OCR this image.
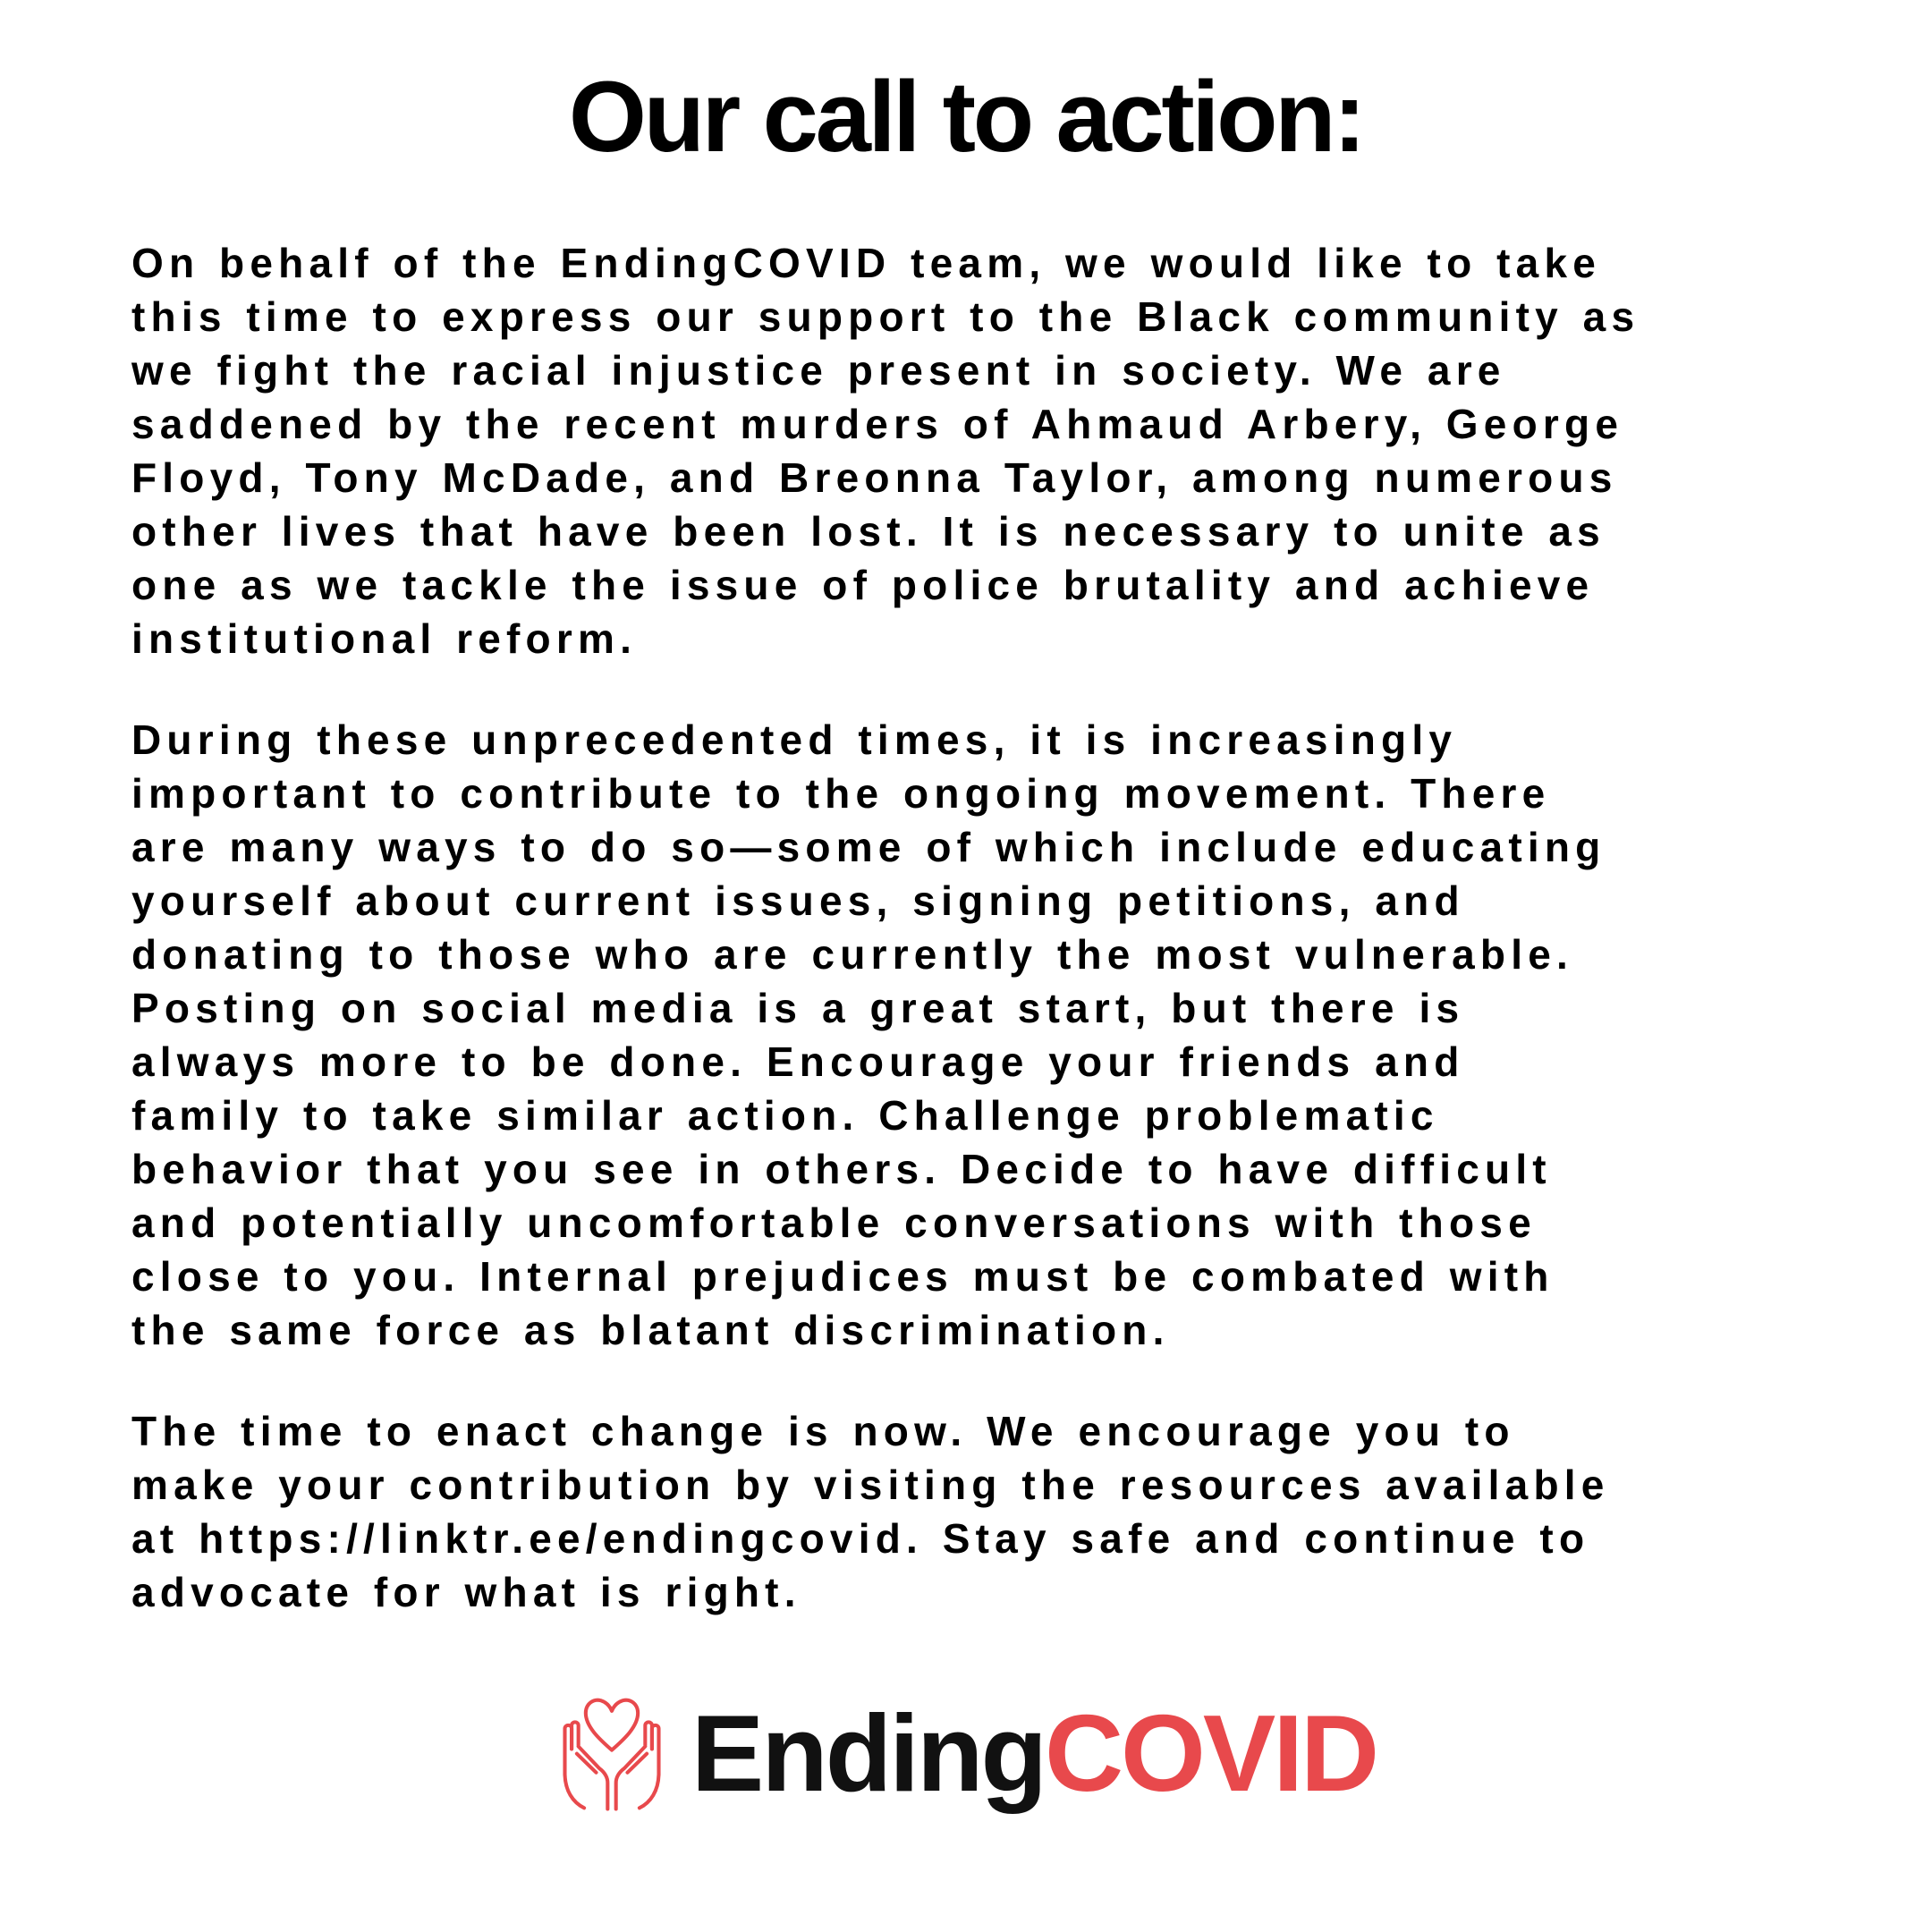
Our call to action:
On behalf of the EndingCOVID team, we would like to take
this time to express our support to the Black community as
we fight the racial injustice present in society. We are
saddened by the recent murders of Ahmaud Arbery, George
Floyd, Tony McDade, and Breonna Taylor, among numerous
other lives that have been lost. It is necessary to unite as
one as we tackle the issue of police brutality and achieve
institutional reform.
During these unprecedented times, it is increasingly
important to contribute to the ongoing movement. There
are many ways to do so—some of which include educating
yourself about current issues, signing petitions, and
donating to those who are currently the most vulnerable.
Posting on social media is a great start, but there is
always more to be done. Encourage your friends and
family to take similar action. Challenge problematic
behavior that you see in others. Decide to have difficult
and potentially uncomfortable conversations with those
close to you. Internal prejudices must be combated with
the same force as blatant discrimination.
The time to enact change is now. We encourage you to
make your contribution by visiting the resources available
at https://linktr.ee/endingcovid. Stay safe and continue to
advocate for what is right.
EndingCOVID
